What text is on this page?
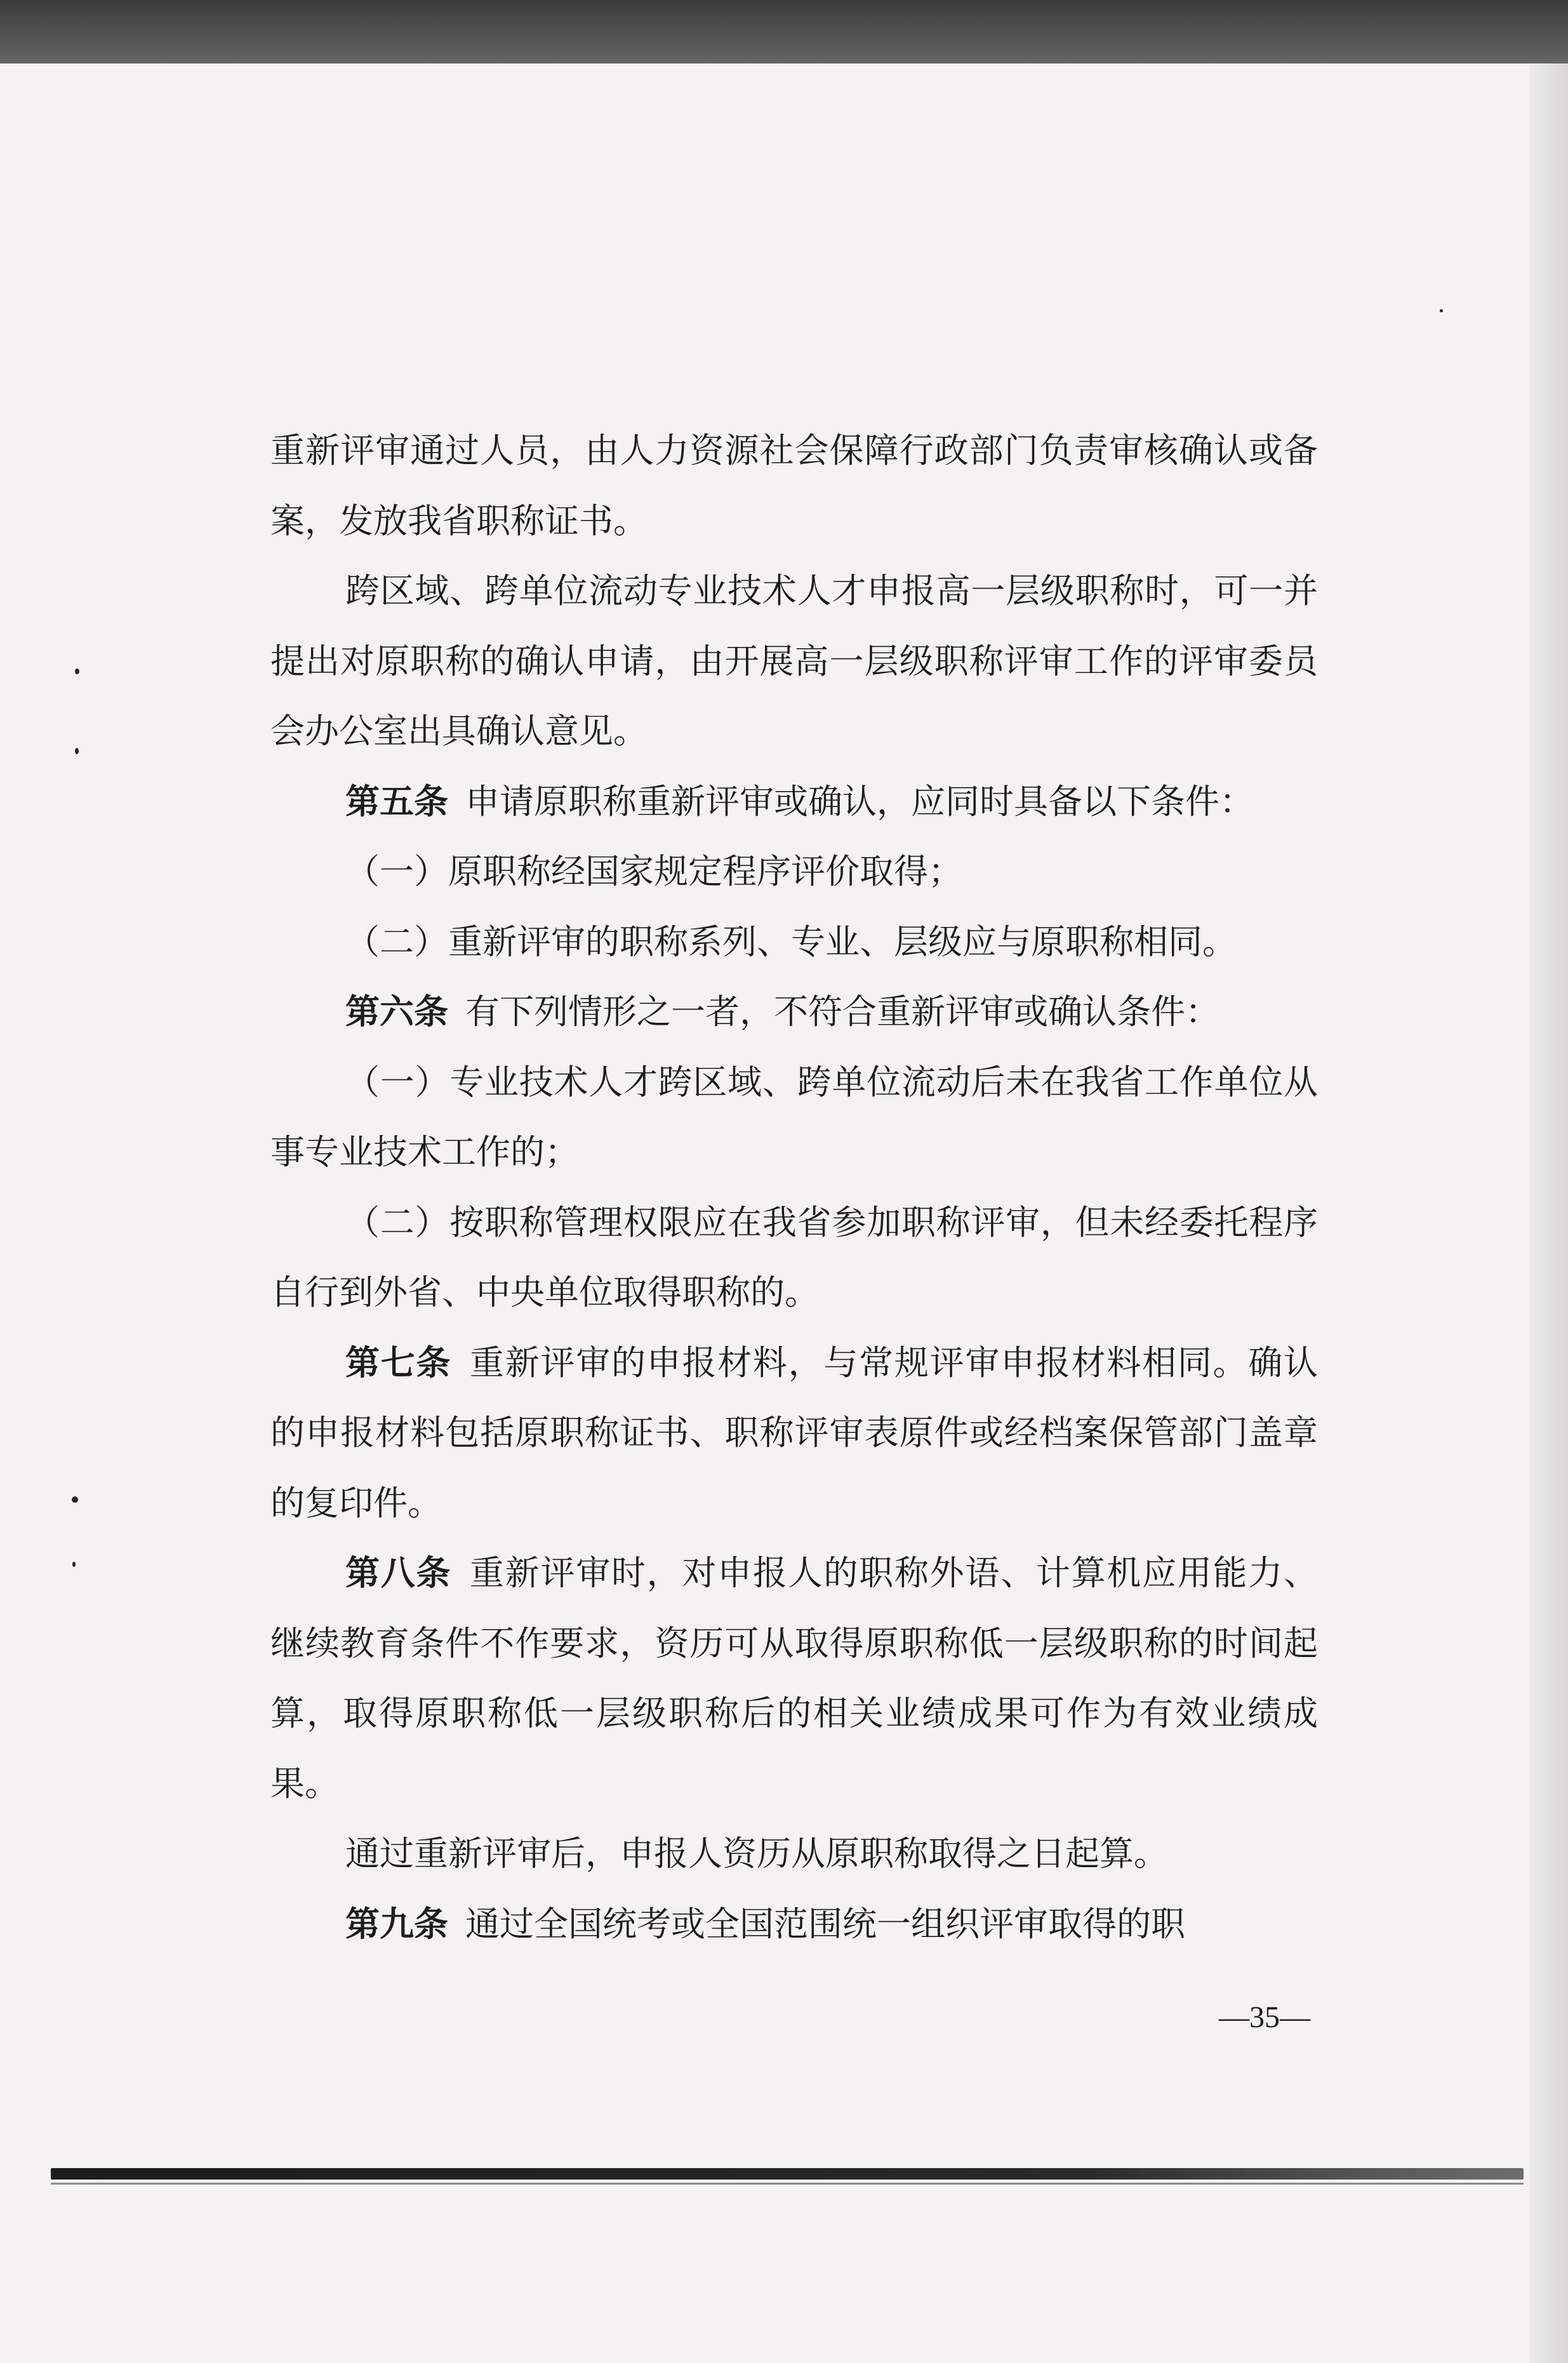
重新评审通过人员，由人力资源社会保障行政部门负责审核确认或备案，发放我省职称证书。

跨区域、跨单位流动专业技术人才申报高一层级职称时，可一并提出对原职称的确认申请，由开展高一层级职称评审工作的评审委员会办公室出具确认意见。

第五条  申请原职称重新评审或确认，应同时具备以下条件：

（一）原职称经国家规定程序评价取得；

（二）重新评审的职称系列、专业、层级应与原职称相同。

第六条  有下列情形之一者，不符合重新评审或确认条件：

（一）专业技术人才跨区域、跨单位流动后未在我省工作单位从事专业技术工作的；

（二）按职称管理权限应在我省参加职称评审，但未经委托程序自行到外省、中央单位取得职称的。

第七条  重新评审的申报材料，与常规评审申报材料相同。确认的申报材料包括原职称证书、职称评审表原件或经档案保管部门盖章的复印件。

第八条  重新评审时，对申报人的职称外语、计算机应用能力、继续教育条件不作要求，资历可从取得原职称低一层级职称的时间起算，取得原职称低一层级职称后的相关业绩成果可作为有效业绩成果。

通过重新评审后，申报人资历从原职称取得之日起算。

第九条  通过全国统考或全国范围统一组织评审取得的职

—35—
